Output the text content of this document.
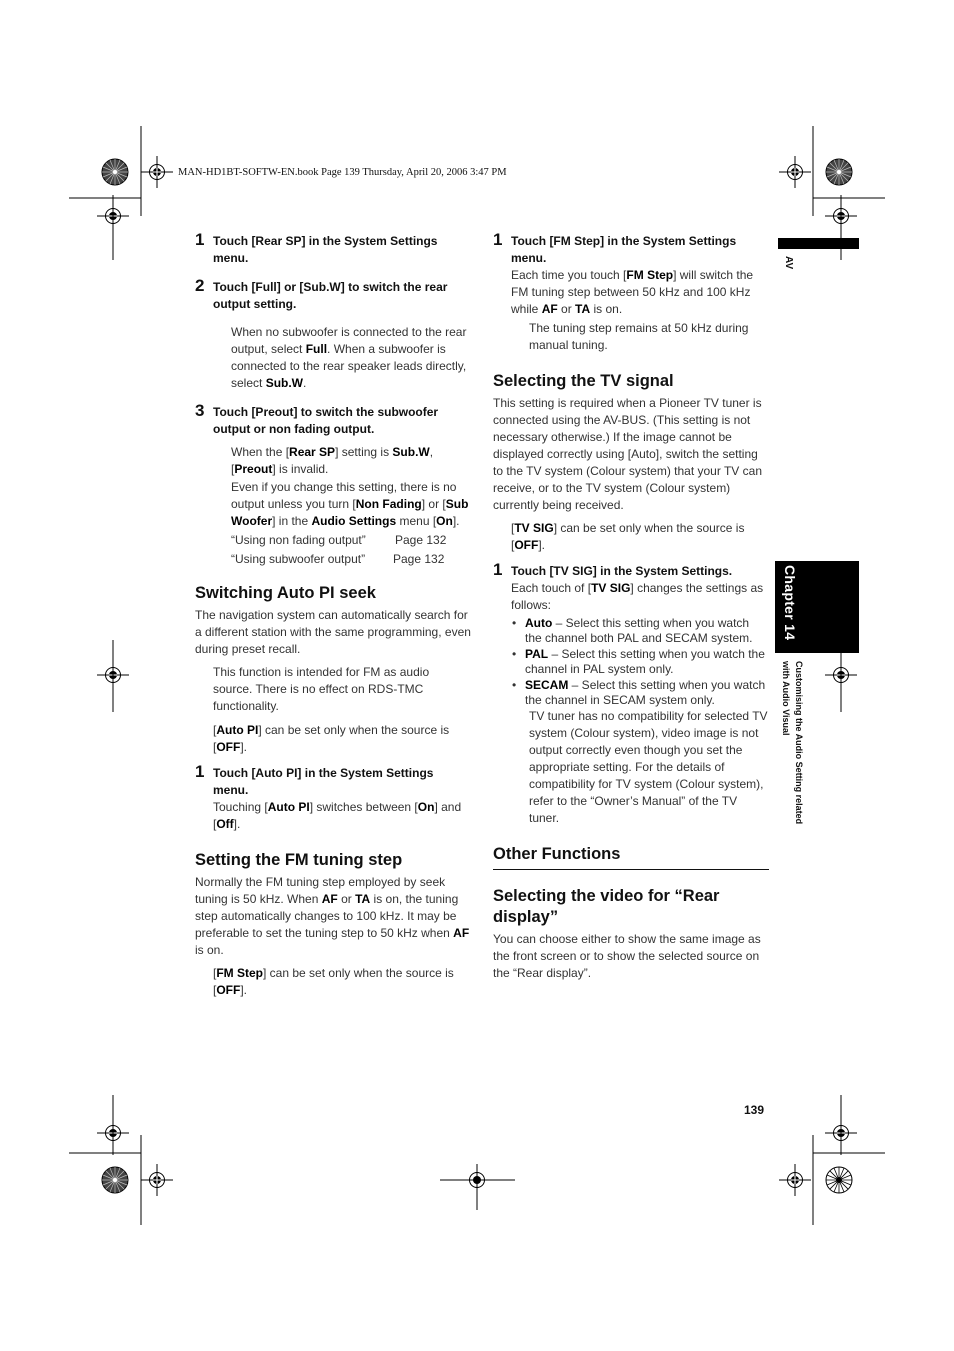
MAN-HD1BT-SOFTW-EN.book Page 139 Thursday, April 20, 2006 3:47 PM
AV
Chapter 14
Customising the Audio Setting related
with Audio Visual
1 Touch [Rear SP] in the System Settings menu.
2 Touch [Full] or [Sub.W] to switch the rear output setting.

When no subwoofer is connected to the rear output, select Full. When a subwoofer is connected to the rear speaker leads directly, select Sub.W.

3 Touch [Preout] to switch the subwoofer output or non fading output.

When the [Rear SP] setting is Sub.W, [Preout] is invalid.

Even if you change this setting, there is no output unless you turn [Non Fading] or [Sub Woofer] in the Audio Settings menu [On].

“Using non fading output”	Page 132
“Using subwoofer output”	Page 132
Switching Auto PI seek

The navigation system can automatically search for a different station with the same programming, even during preset recall.

This function is intended for FM as audio source. There is no effect on RDS-TMC functionality.

[Auto PI] can be set only when the source is [OFF].

1 Touch [Auto PI] in the System Settings menu.

Touching [Auto PI] switches between [On] and [Off].

Setting the FM tuning step

Normally the FM tuning step employed by seek tuning is 50 kHz. When AF or TA is on, the tuning step automatically changes to 100 kHz. It may be preferable to set the tuning step to 50 kHz when AF is on.

[FM Step] can be set only when the source is [OFF].

1 Touch [FM Step] in the System Settings menu.

Each time you touch [FM Step] will switch the FM tuning step between 50 kHz and 100 kHz while AF or TA is on.

The tuning step remains at 50 kHz during manual tuning.

Selecting the TV signal

This setting is required when a Pioneer TV tuner is connected using the AV-BUS. (This setting is not necessary otherwise.) If the image cannot be displayed correctly using [Auto], switch the setting to the TV system (Colour system) that your TV can receive, or to the TV system (Colour system) currently being received.

[TV SIG] can be set only when the source is [OFF].

1 Touch [TV SIG] in the System Settings.

Each touch of [TV SIG] changes the settings as follows:

• Auto – Select this setting when you watch the channel both PAL and SECAM system.
• PAL – Select this setting when you watch the channel in PAL system only.
• SECAM – Select this setting when you watch the channel in SECAM system only.

TV tuner has no compatibility for selected TV system (Colour system), video image is not output correctly even though you set the appropriate setting. For the details of compatibility for TV system (Colour system), refer to the “Owner’s Manual” of the TV tuner.

Other Functions
Selecting the video for “Rear display”

You can choose either to show the same image as the front screen or to show the selected source on the “Rear display”.

139
